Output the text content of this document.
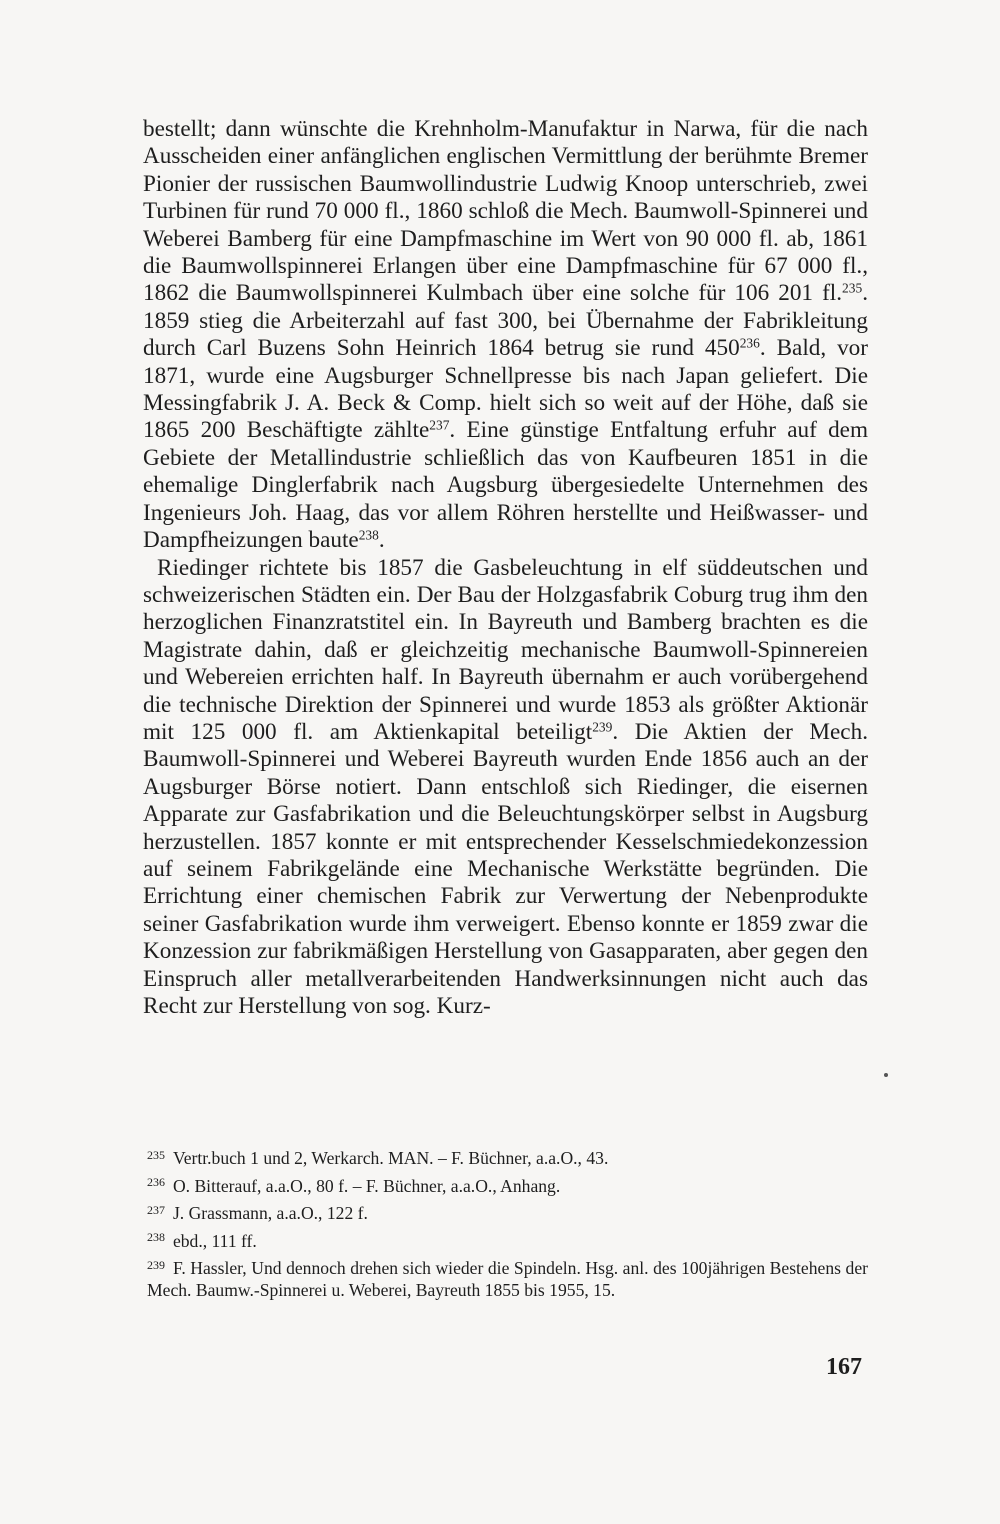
bestellt; dann wünschte die Krehnholm-Manufaktur in Narwa, für die nach Ausscheiden einer anfänglichen englischen Vermittlung der berühmte Bremer Pionier der russischen Baumwollindustrie Ludwig Knoop unterschrieb, zwei Turbinen für rund 70 000 fl., 1860 schloß die Mech. Baumwoll-Spinnerei und Weberei Bamberg für eine Dampfmaschine im Wert von 90 000 fl. ab, 1861 die Baumwollspinnerei Erlangen über eine Dampfmaschine für 67 000 fl., 1862 die Baumwollspinnerei Kulmbach über eine solche für 106 201 fl.$^{235}$. 1859 stieg die Arbeiterzahl auf fast 300, bei Übernahme der Fabrikleitung durch Carl Buzens Sohn Heinrich 1864 betrug sie rund $450^{236}$. Bald, vor 1871, wurde eine Augsburger Schnellpresse bis nach Japan geliefert. Die Messingfabrik J. A. Beck & Comp. hielt sich so weit auf der Höhe, daß sie 1865 200 Beschäftigte zählte$^{237}$. Eine günstige Entfaltung erfuhr auf dem Gebiete der Metallindustrie schließlich das von Kaufbeuren 1851 in die ehemalige Dinglerfabrik nach Augsburg übergesiedelte Unternehmen des Ingenieurs Joh. Haag, das vor allem Röhren herstellte und Heißwasser- und Dampfheizungen baute$^{238}$.

Riedinger richtete bis 1857 die Gasbeleuchtung in elf süddeutschen und schweizerischen Städten ein. Der Bau der Holzgasfabrik Coburg trug ihm den herzoglichen Finanzratstitel ein. In Bayreuth und Bamberg brachten es die Magistrate dahin, daß er gleichzeitig mechanische Baumwoll-Spinnereien und Webereien errichten half. In Bayreuth übernahm er auch vorübergehend die technische Direktion der Spinnerei und wurde 1853 als größter Aktionär mit 125 000 fl. am Aktienkapital beteiligt$^{239}$. Die Aktien der Mech. Baumwoll-Spinnerei und Weberei Bayreuth wurden Ende 1856 auch an der Augsburger Börse notiert. Dann entschloß sich Riedinger, die eisernen Apparate zur Gasfabrikation und die Beleuchtungskörper selbst in Augsburg herzustellen. 1857 konnte er mit entsprechender Kesselschmiedekonzession auf seinem Fabrikgelände eine Mechanische Werkstätte begründen. Die Errichtung einer chemischen Fabrik zur Verwertung der Nebenprodukte seiner Gasfabrikation wurde ihm verweigert. Ebenso konnte er 1859 zwar die Konzession zur fabrikmäßigen Herstellung von Gasapparaten, aber gegen den Einspruch aller metallverarbeitenden Handwerksinnungen nicht auch das Recht zur Herstellung von sog. Kurz-

$^{235}$ Vertr.buch 1 und 2, Werkarch. MAN. – F. Büchner, a.a.O., 43.
$^{236}$ O. Bitterauf, a.a.O., 80 f. – F. Büchner, a.a.O., Anhang.
$^{237}$ J. Grassmann, a.a.O., 122 f.
$^{238}$ ebd., 111 ff.
$^{239}$ F. Hassler, Und dennoch drehen sich wieder die Spindeln. Hsg. anl. des 100jährigen Bestehens der Mech. Baumw.-Spinnerei u. Weberei, Bayreuth 1855 bis 1955, 15.
167
